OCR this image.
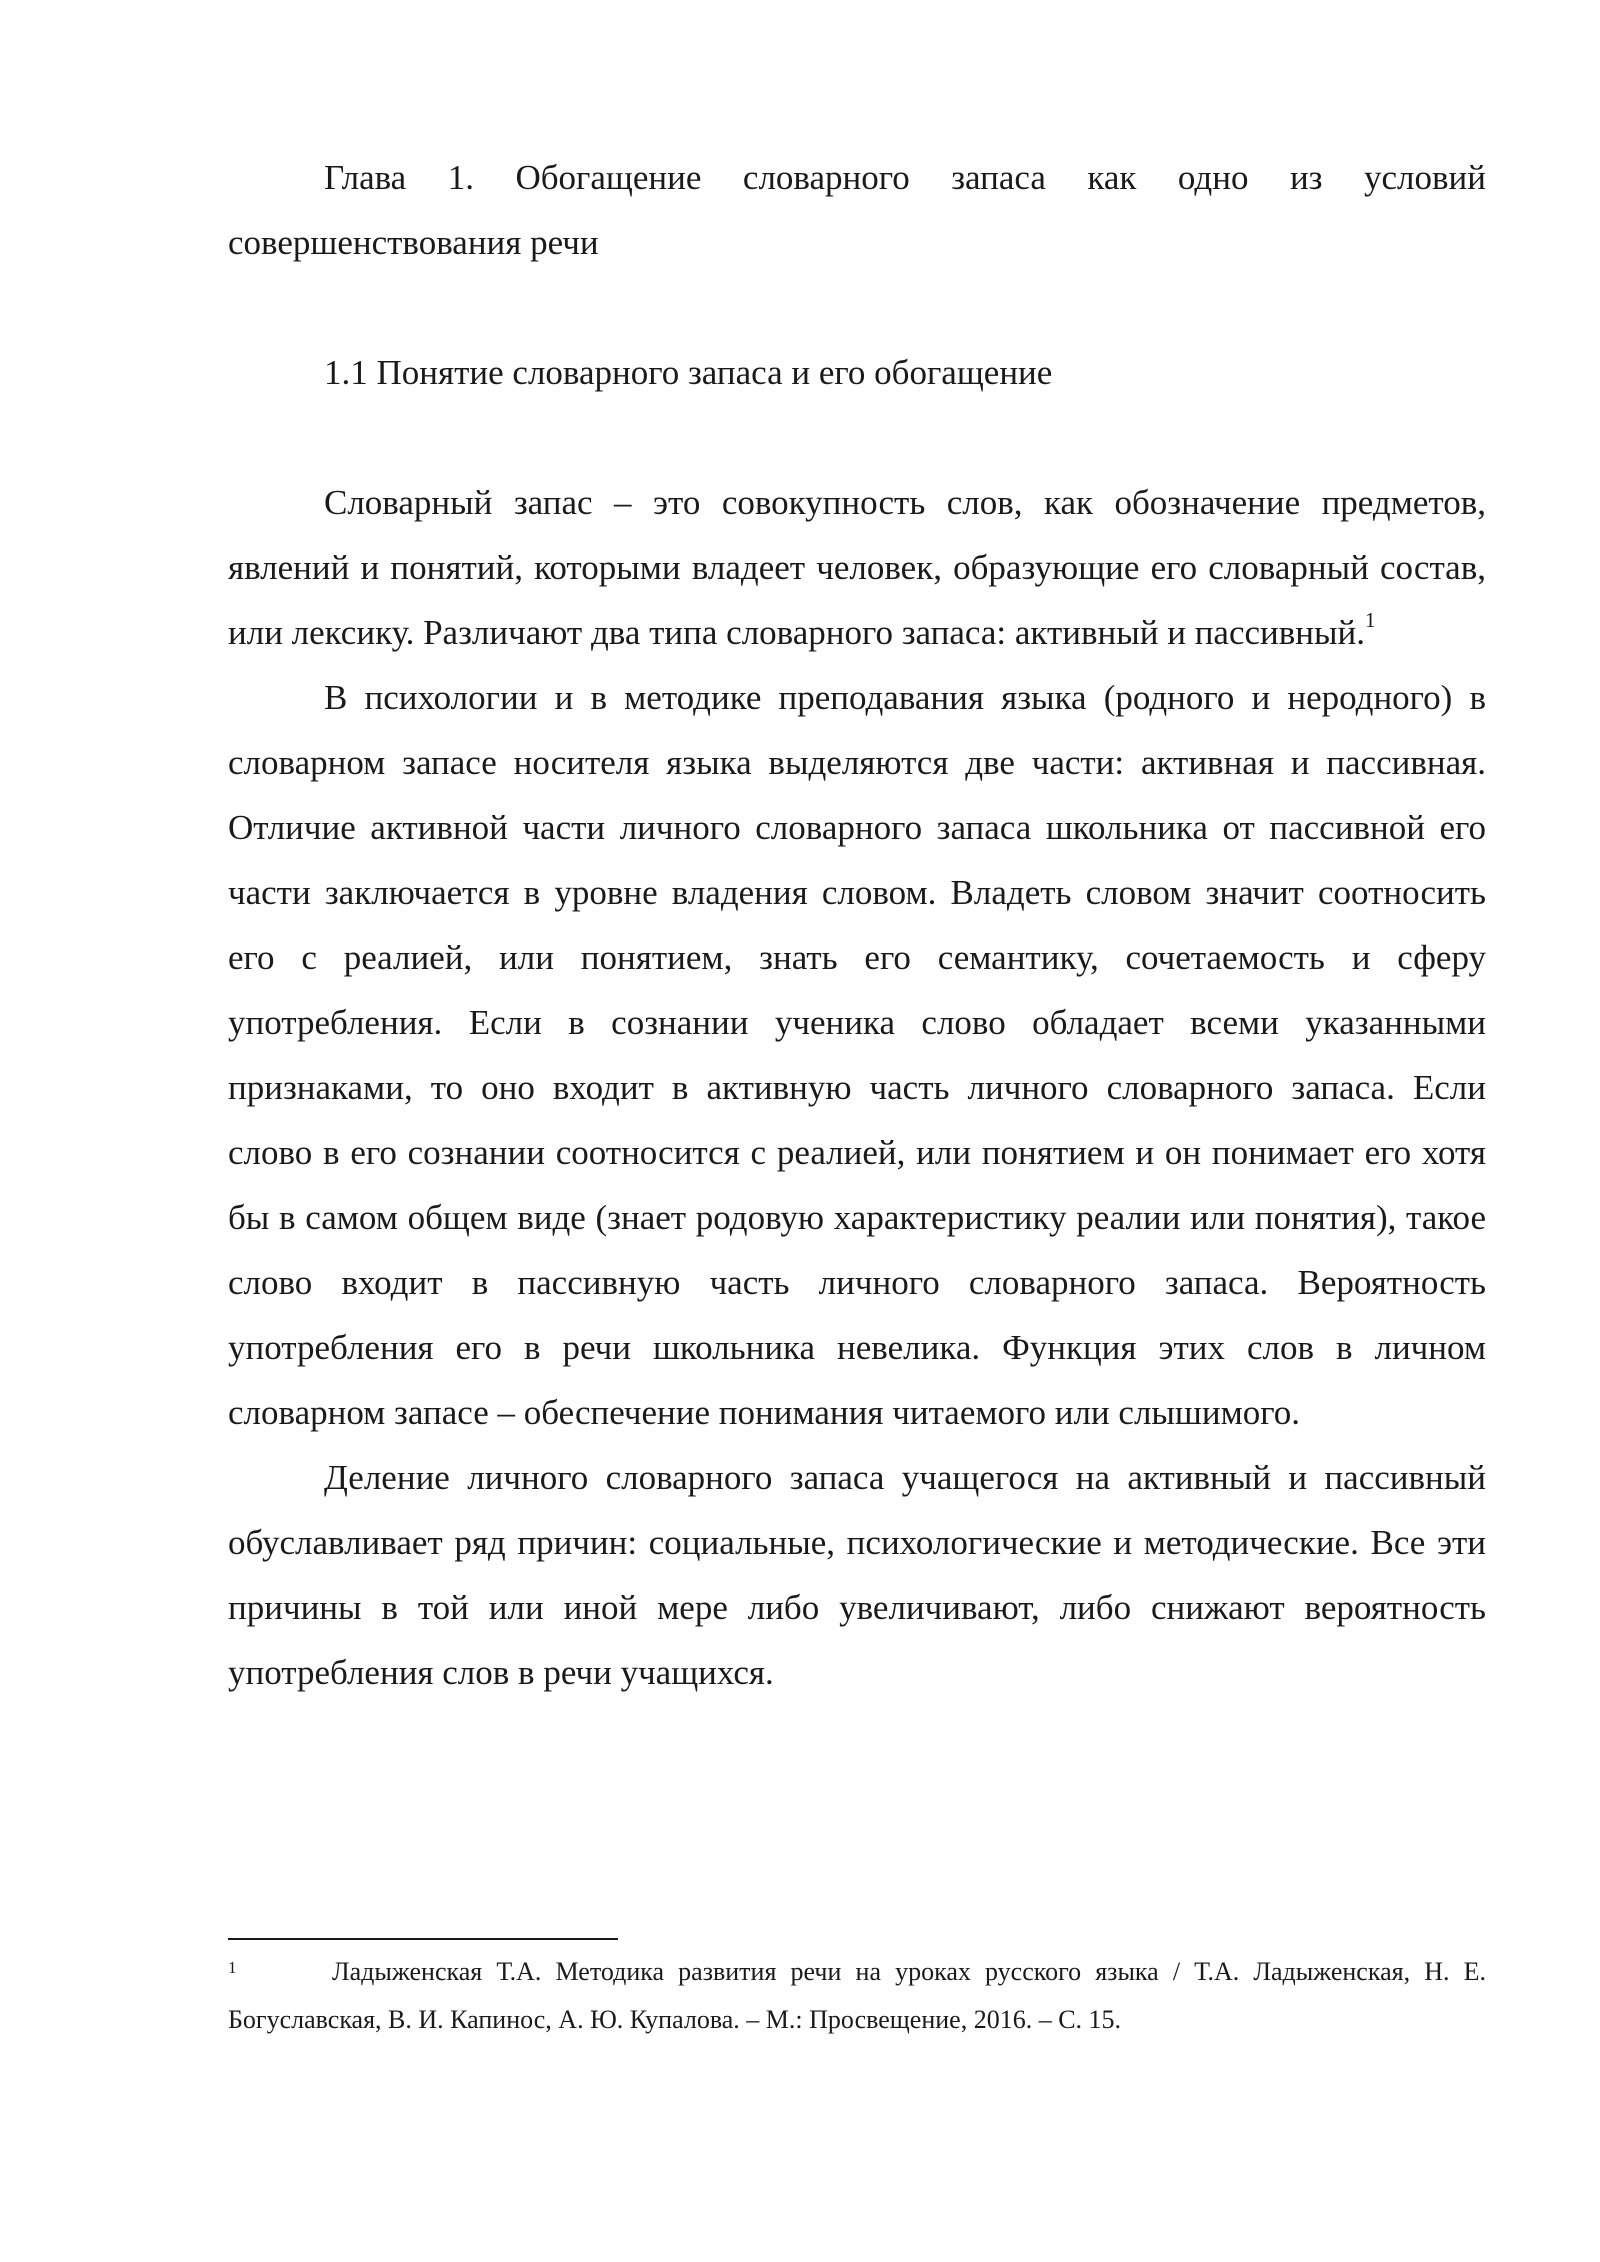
Глава 1. Обогащение словарного запаса как одно из условий совершенствования речи

1.1 Понятие словарного запаса и его обогащение

Словарный запас – это совокупность слов, как обозначение предметов, явлений и понятий, которыми владеет человек, образующие его словарный состав, или лексику. Различают два типа словарного запаса: активный и пассивный.$^1$

В психологии и в методике преподавания языка (родного и неродного) в словарном запасе носителя языка выделяются две части: активная и пассивная. Отличие активной части личного словарного запаса школьника от пассивной его части заключается в уровне владения словом. Владеть словом значит соотносить его с реалией, или понятием, знать его семантику, сочетаемость и сферу употребления. Если в сознании ученика слово обладает всеми указанными признаками, то оно входит в активную часть личного словарного запаса. Если слово в его сознании соотносится с реалией, или понятием и он понимает его хотя бы в самом общем виде (знает родовую характеристику реалии или понятия), такое слово входит в пассивную часть личного словарного запаса. Вероятность употребления его в речи школьника невелика. Функция этих слов в личном словарном запасе – обеспечение понимания читаемого или слышимого.

Деление личного словарного запаса учащегося на активный и пассивный обуславливает ряд причин: социальные, психологические и методические. Все эти причины в той или иной мере либо увеличивают, либо снижают вероятность употребления слов в речи учащихся.

1	Ладыженская Т.А. Методика развития речи на уроках русского языка / Т.А. Ладыженская, Н. Е. Богуславская, В. И. Капинос, А. Ю. Купалова. – М.: Просвещение, 2016. – С. 15.
